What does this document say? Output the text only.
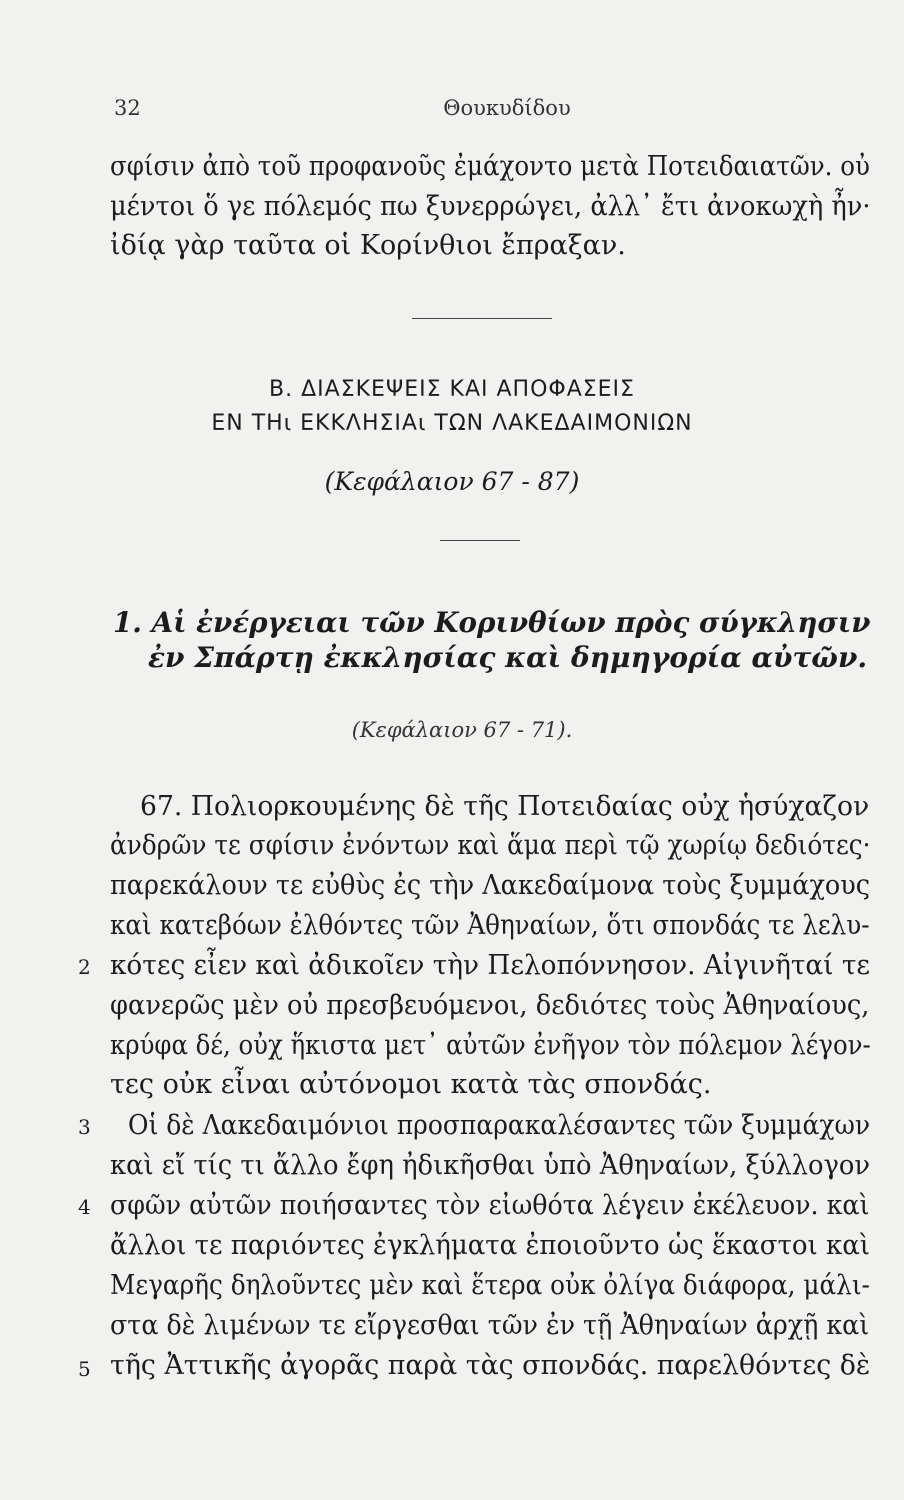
32	Θουκυδίδου
σφίσιν ἀπὸ τοῦ προφανοῦς ἐμάχοντο μετὰ Ποτειδαιατῶν. οὐ
μέντοι ὅ γε πόλεμός πω ξυνερρώγει, ἀλλ᾽ ἔτι ἀνοκωχὴ ἦν·
ἰδίᾳ γὰρ ταῦτα οἱ Κορίνθιοι ἔπραξαν.
Β. ΔΙΑΣΚΕΨΕΙΣ ΚΑΙ ΑΠΟΦΑΣΕΙΣ
ΕΝ ΤΗι ΕΚΚΛΗΣΙΑι ΤΩΝ ΛΑΚΕΔΑΙΜΟΝΙΩΝ
(Κεφάλαιον 67 - 87)
1. Αἱ ἐνέργειαι τῶν Κορινθίων πρὸς σύγκλησιν
ἐν Σπάρτῃ ἐκκλησίας καὶ δημηγορία αὐτῶν.
(Κεφάλαιον 67 - 71).
67. Πολιορκουμένης δὲ τῆς Ποτειδαίας οὐχ ἡσύχαζον
ἀνδρῶν τε σφίσιν ἐνόντων καὶ ἅμα περὶ τῷ χωρίῳ δεδιότες·
παρεκάλουν τε εὐθὺς ἐς τὴν Λακεδαίμονα τοὺς ξυμμάχους
καὶ κατεβόων ἐλθόντες τῶν Ἀθηναίων, ὅτι σπονδάς τε λελυ-
2 κότες εἶεν καὶ ἀδικοῖεν τὴν Πελοπόννησον. Αἰγινῆταί τε
φανερῶς μὲν οὐ πρεσβευόμενοι, δεδιότες τοὺς Ἀθηναίους,
κρύφα δέ, οὐχ ἥκιστα μετ᾽ αὐτῶν ἐνῆγον τὸν πόλεμον λέγον-
τες οὐκ εἶναι αὐτόνομοι κατὰ τὰς σπονδάς.
3 Οἱ δὲ Λακεδαιμόνιοι προσπαρακαλέσαντες τῶν ξυμμάχων
καὶ εἴ τίς τι ἄλλο ἔφη ἠδικῆσθαι ὑπὸ Ἀθηναίων, ξύλλογον
4 σφῶν αὐτῶν ποιήσαντες τὸν εἰωθότα λέγειν ἐκέλευον. καὶ
ἄλλοι τε παριόντες ἐγκλήματα ἐποιοῦντο ὡς ἕκαστοι καὶ
Μεγαρῆς δηλοῦντες μὲν καὶ ἕτερα οὐκ ὀλίγα διάφορα, μάλι-
στα δὲ λιμένων τε εἴργεσθαι τῶν ἐν τῇ Ἀθηναίων ἀρχῇ καὶ
5 τῆς Ἀττικῆς ἀγορᾶς παρὰ τὰς σπονδάς. παρελθόντες δὲ
